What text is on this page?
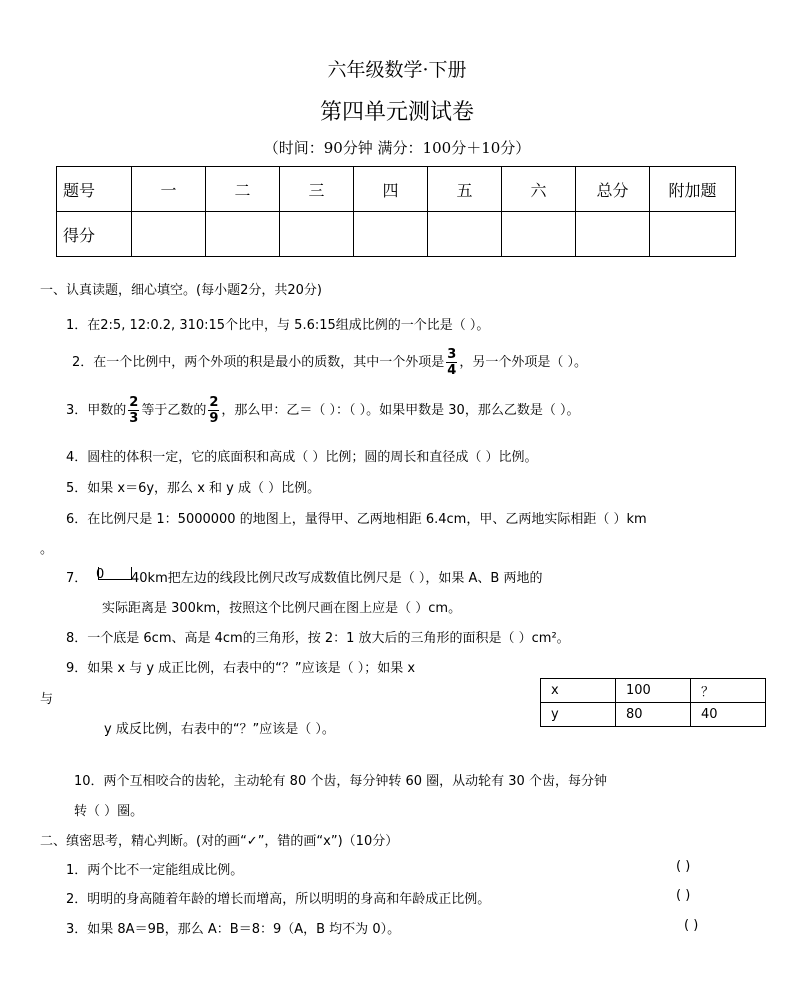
六年级数学·下册
第四单元测试卷
（时间：90分钟 满分：100分＋10分）
题号	一	二	三	四	五	六	总分	附加题
得分								
一、认真读题，细心填空。(每小题2分，共20分)
1．在2:5, 12:0.2, 310:15个比中，与 5.6:15组成比例的一个比是（ ）。
2．在一个比例中，两个外项的积是最小的质数，其中一个外项是 $\frac{3}{4}$ ，另一个外项是（ ）。
3．甲数的 $\frac{2}{3}$ 等于乙数的 $\frac{2}{9}$ ，那么甲：乙＝（ ）：（ ）。如果甲数是 30，那么乙数是（ ）。
4．圆柱的体积一定，它的底面积和高成（ ）比例；圆的周长和直径成（ ）比例。
5．如果 x＝6y，那么 x 和 y 成（ ）比例。
6．在比例尺是 1：5000000 的地图上，量得甲、乙两地相距 6.4cm，甲、乙两地实际相距（ ）km
。
7． 0 40km把左边的线段比例尺改写成数值比例尺是（ ），如果 A、B 两地的
实际距离是 300km，按照这个比例尺画在图上应是（ ）cm。
8．一个底是 6cm、高是 4cm的三角形，按 2：1 放大后的三角形的面积是（ ）cm²。
9．如果 x 与 y 成正比例，右表中的“？”应该是（ ）；如果 x
与
y 成反比例，右表中的“？”应该是（ ）。
x	100	？
y	80	40
10．两个互相咬合的齿轮，主动轮有 80 个齿，每分钟转 60 圈，从动轮有 30 个齿，每分钟
转（ ）圈。
二、缜密思考，精心判断。(对的画“✓”，错的画“x”)（10分）
1．两个比不一定能组成比例。	( )
2．明明的身高随着年龄的增长而增高，所以明明的身高和年龄成正比例。	( )
3．如果 8A＝9B，那么 A：B＝8：9（A，B 均不为 0）。	( )
